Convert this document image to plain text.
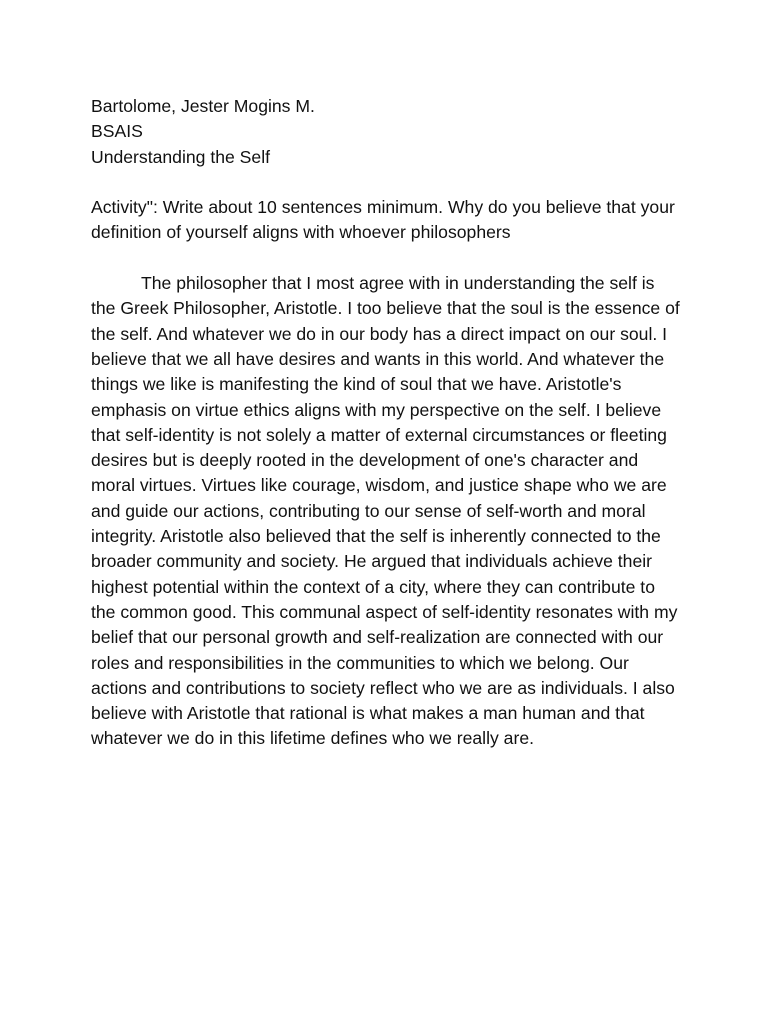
Bartolome, Jester Mogins M.
BSAIS
Understanding the Self
Activity": Write about 10 sentences minimum. Why do you believe that your definition of yourself aligns with whoever philosophers
The philosopher that I most agree with in understanding the self is the Greek Philosopher, Aristotle. I too believe that the soul is the essence of the self. And whatever we do in our body has a direct impact on our soul. I believe that we all have desires and wants in this world. And whatever the things we like is manifesting the kind of soul that we have. Aristotle's emphasis on virtue ethics aligns with my perspective on the self. I believe that self-identity is not solely a matter of external circumstances or fleeting desires but is deeply rooted in the development of one's character and moral virtues. Virtues like courage, wisdom, and justice shape who we are and guide our actions, contributing to our sense of self-worth and moral integrity. Aristotle also believed that the self is inherently connected to the broader community and society. He argued that individuals achieve their highest potential within the context of a city, where they can contribute to the common good. This communal aspect of self-identity resonates with my belief that our personal growth and self-realization are connected with our roles and responsibilities in the communities to which we belong. Our actions and contributions to society reflect who we are as individuals. I also believe with Aristotle that rational is what makes a man human and that whatever we do in this lifetime defines who we really are.
